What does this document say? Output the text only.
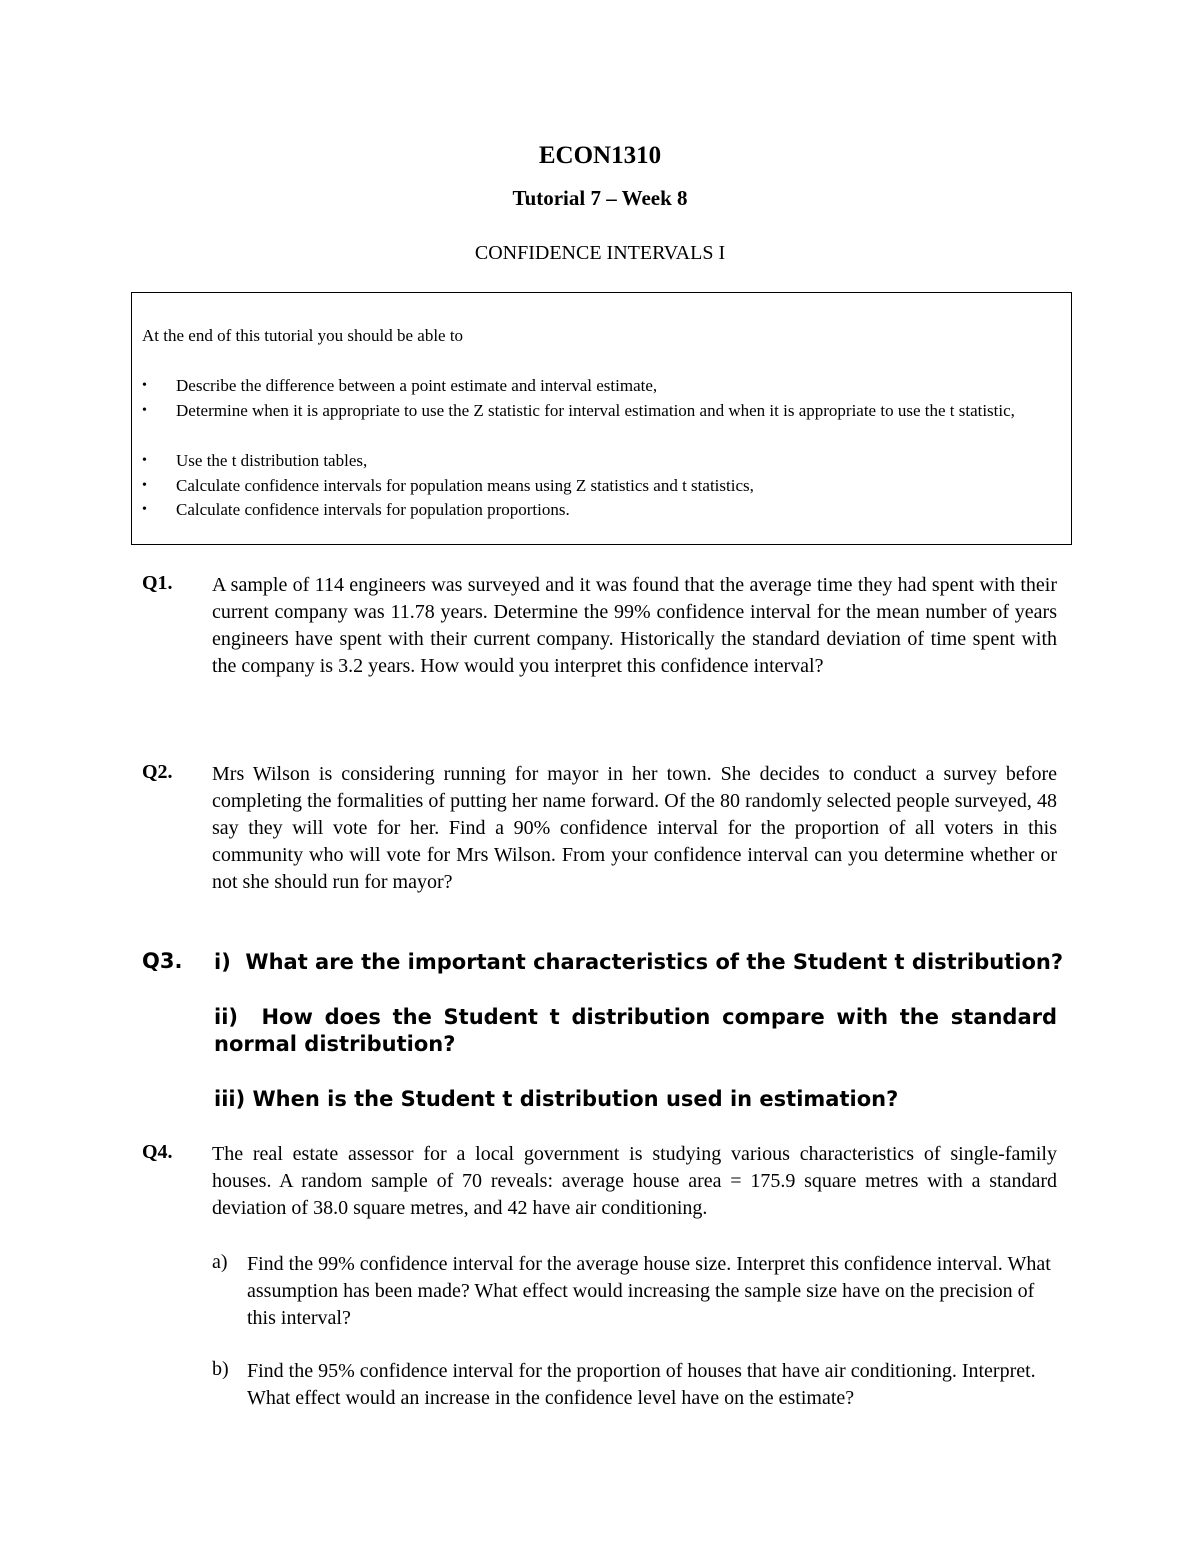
ECON1310
Tutorial 7 – Week 8
CONFIDENCE INTERVALS I
At the end of this tutorial you should be able to
• Describe the difference between a point estimate and interval estimate,
• Determine when it is appropriate to use the Z statistic for interval estimation and when it is appropriate to use the t statistic,
• Use the t distribution tables,
• Calculate confidence intervals for population means using Z statistics and t statistics,
• Calculate confidence intervals for population proportions.
Q1. A sample of 114 engineers was surveyed and it was found that the average time they had spent with their current company was 11.78 years. Determine the 99% confidence interval for the mean number of years engineers have spent with their current company. Historically the standard deviation of time spent with the company is 3.2 years. How would you interpret this confidence interval?
Q2. Mrs Wilson is considering running for mayor in her town. She decides to conduct a survey before completing the formalities of putting her name forward. Of the 80 randomly selected people surveyed, 48 say they will vote for her. Find a 90% confidence interval for the proportion of all voters in this community who will vote for Mrs Wilson. From your confidence interval can you determine whether or not she should run for mayor?
Q3. i)  What are the important characteristics of the Student t distribution?
ii)  How does the Student t distribution compare with the standard normal distribution?
iii) When is the Student t distribution used in estimation?
Q4. The real estate assessor for a local government is studying various characteristics of single-family houses. A random sample of 70 reveals: average house area = 175.9 square metres with a standard deviation of 38.0 square metres, and 42 have air conditioning.
a) Find the 99% confidence interval for the average house size. Interpret this confidence interval. What assumption has been made? What effect would increasing the sample size have on the precision of this interval?
b) Find the 95% confidence interval for the proportion of houses that have air conditioning. Interpret. What effect would an increase in the confidence level have on the estimate?
